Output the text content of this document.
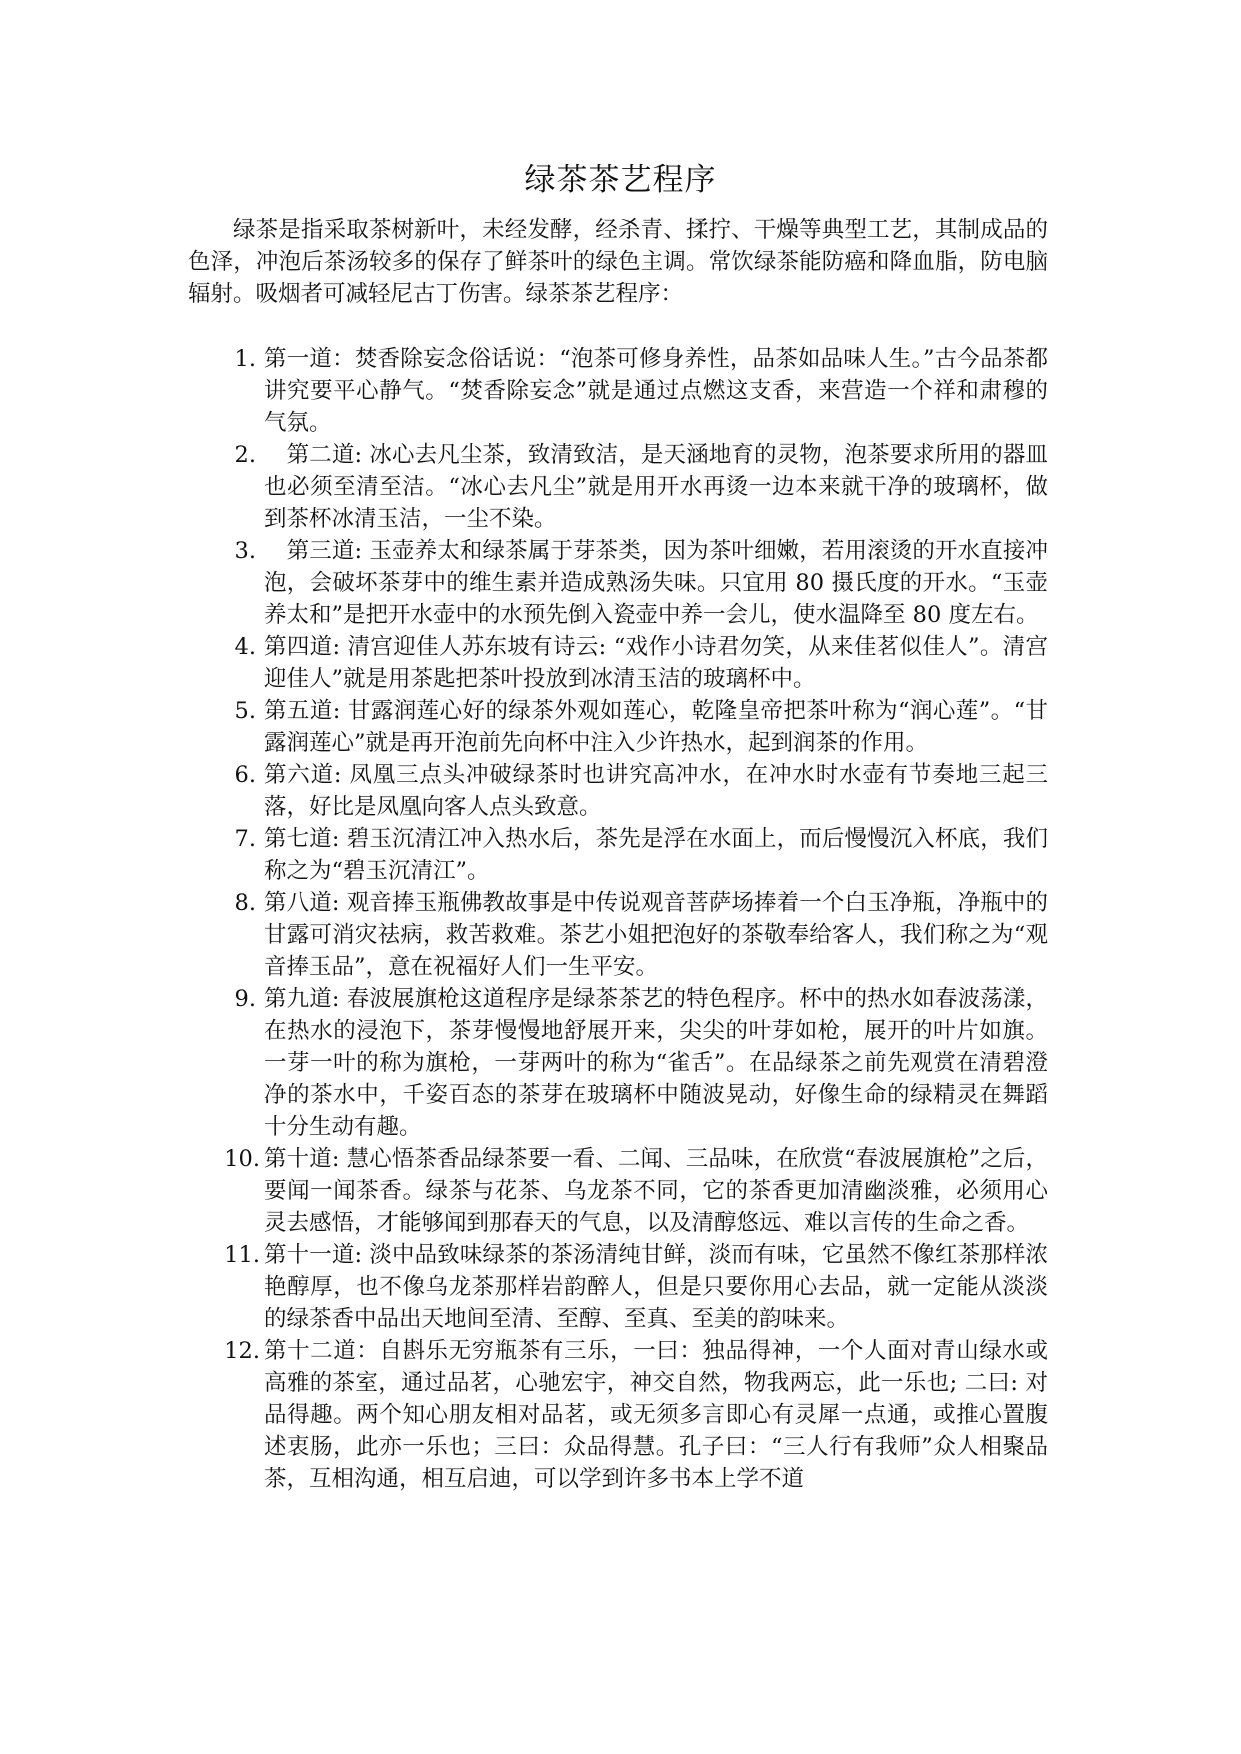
绿茶茶艺程序

绿茶是指采取茶树新叶，未经发酵，经杀青、揉拧、干燥等典型工艺，其制成品的色泽，冲泡后茶汤较多的保存了鲜茶叶的绿色主调。常饮绿茶能防癌和降血脂，防电脑辐射。吸烟者可减轻尼古丁伤害。绿茶茶艺程序：

1. 第一道：焚香除妄念俗话说：“泡茶可修身养性，品茶如品味人生。”古今品茶都讲究要平心静气。“焚香除妄念”就是通过点燃这支香，来营造一个祥和肃穆的气氛。
2. 　第二道: 冰心去凡尘茶，致清致洁，是天涵地育的灵物，泡茶要求所用的器皿也必须至清至洁。“冰心去凡尘”就是用开水再烫一边本来就干净的玻璃杯，做到茶杯冰清玉洁，一尘不染。
3. 　第三道: 玉壶养太和绿茶属于芽茶类，因为茶叶细嫩，若用滚烫的开水直接冲泡，会破坏茶芽中的维生素并造成熟汤失味。只宜用 80 摄氏度的开水。“玉壶养太和”是把开水壶中的水预先倒入瓷壶中养一会儿，使水温降至 80 度左右。
4. 第四道: 清宫迎佳人苏东坡有诗云: “戏作小诗君勿笑，从来佳茗似佳人”。清宫迎佳人”就是用茶匙把茶叶投放到冰清玉洁的玻璃杯中。
5. 第五道: 甘露润莲心好的绿茶外观如莲心，乾隆皇帝把茶叶称为“润心莲”。“甘露润莲心”就是再开泡前先向杯中注入少许热水，起到润茶的作用。
6. 第六道: 凤凰三点头冲破绿茶时也讲究高冲水，在冲水时水壶有节奏地三起三落，好比是凤凰向客人点头致意。
7. 第七道: 碧玉沉清江冲入热水后，茶先是浮在水面上，而后慢慢沉入杯底，我们称之为“碧玉沉清江”。
8. 第八道: 观音捧玉瓶佛教故事是中传说观音菩萨场捧着一个白玉净瓶，净瓶中的甘露可消灾祛病，救苦救难。茶艺小姐把泡好的茶敬奉给客人，我们称之为“观音捧玉品”，意在祝福好人们一生平安。
9. 第九道: 春波展旗枪这道程序是绿茶茶艺的特色程序。杯中的热水如春波荡漾，在热水的浸泡下，茶芽慢慢地舒展开来，尖尖的叶芽如枪，展开的叶片如旗。一芽一叶的称为旗枪，一芽两叶的称为“雀舌”。在品绿茶之前先观赏在清碧澄净的茶水中，千姿百态的茶芽在玻璃杯中随波晃动，好像生命的绿精灵在舞蹈十分生动有趣。
10. 第十道: 慧心悟茶香品绿茶要一看、二闻、三品味，在欣赏“春波展旗枪”之后，要闻一闻茶香。绿茶与花茶、乌龙茶不同，它的茶香更加清幽淡雅，必须用心灵去感悟，才能够闻到那春天的气息，以及清醇悠远、难以言传的生命之香。
11. 第十一道: 淡中品致味绿茶的茶汤清纯甘鲜，淡而有味，它虽然不像红茶那样浓艳醇厚，也不像乌龙茶那样岩韵醉人，但是只要你用心去品，就一定能从淡淡的绿茶香中品出天地间至清、至醇、至真、至美的韵味来。
12. 第十二道：自斟乐无穷瓶茶有三乐，一曰：独品得神，一个人面对青山绿水或高雅的茶室，通过品茗，心驰宏宇，神交自然，物我两忘，此一乐也; 二曰: 对品得趣。两个知心朋友相对品茗，或无须多言即心有灵犀一点通，或推心置腹述衷肠，此亦一乐也；三曰：众品得慧。孔子曰：“三人行有我师”众人相聚品茶，互相沟通，相互启迪，可以学到许多书本上学不道
